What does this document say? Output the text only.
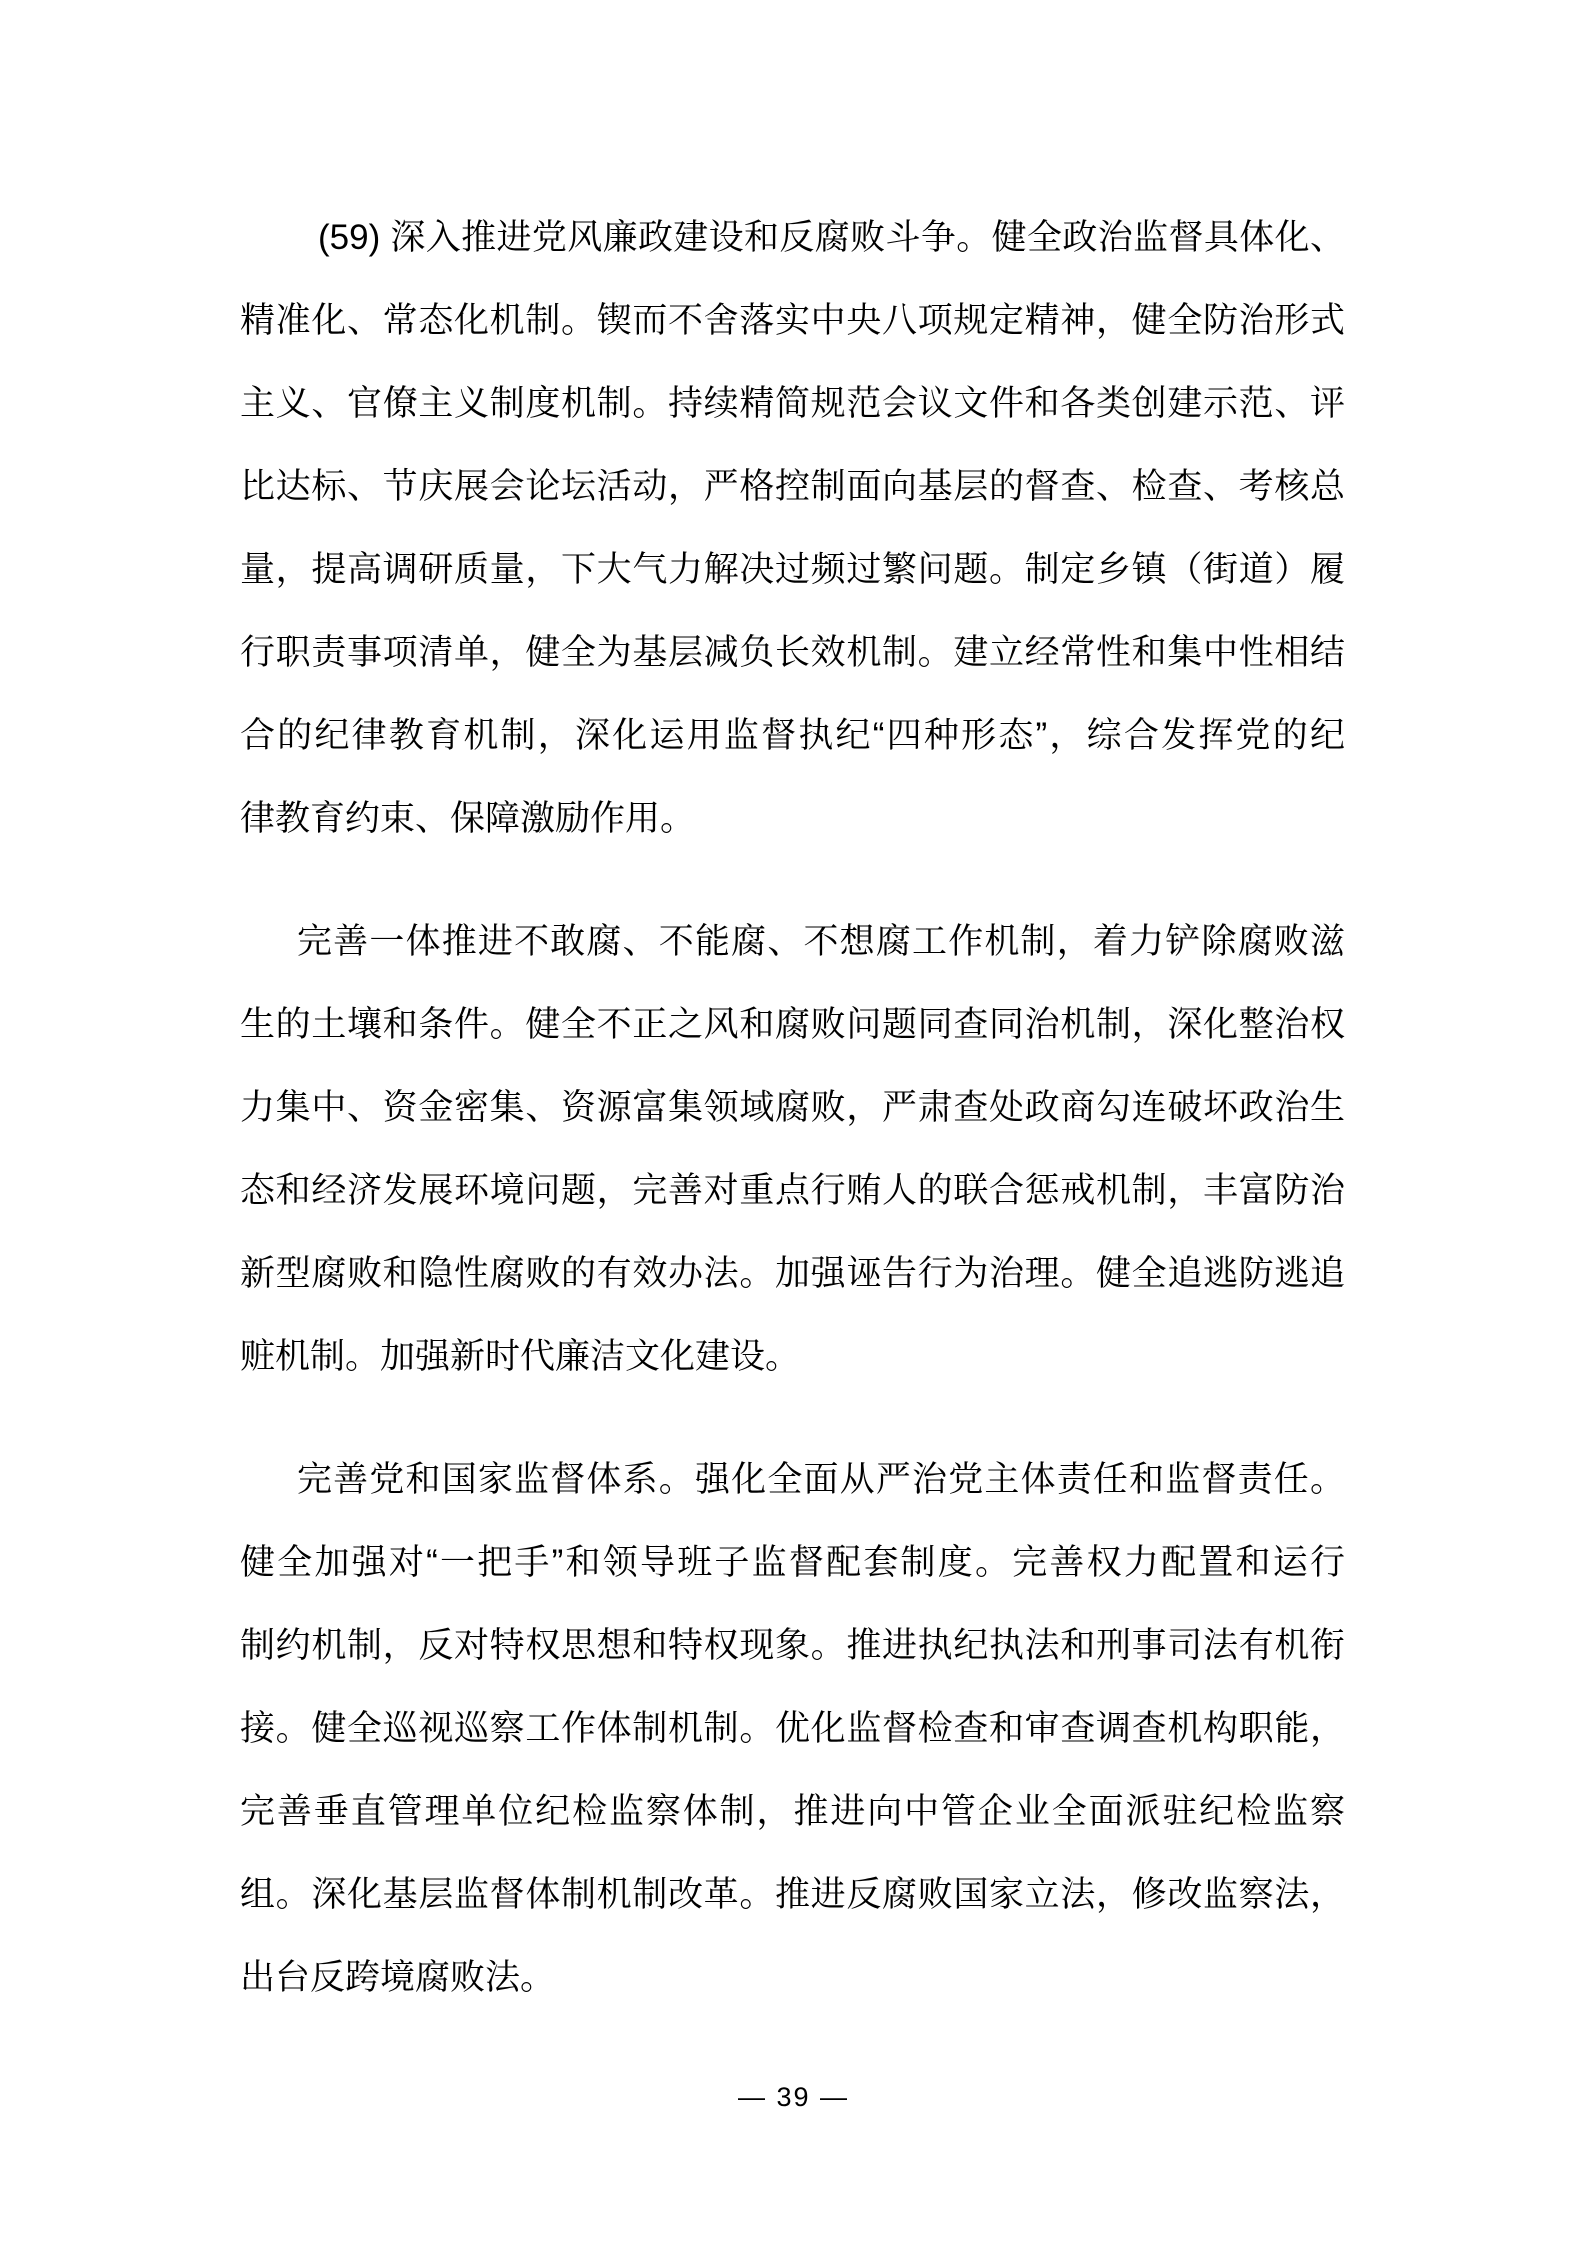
(59) 深入推进党风廉政建设和反腐败斗争。健全政治监督具体化、
精准化、常态化机制。锲而不舍落实中央八项规定精神，健全防治形式
主义、官僚主义制度机制。持续精简规范会议文件和各类创建示范、评
比达标、节庆展会论坛活动，严格控制面向基层的督查、检查、考核总
量，提高调研质量，下大气力解决过频过繁问题。制定乡镇（街道）履
行职责事项清单，健全为基层减负长效机制。建立经常性和集中性相结
合的纪律教育机制，深化运用监督执纪“四种形态”，综合发挥党的纪
律教育约束、保障激励作用。
完善一体推进不敢腐、不能腐、不想腐工作机制，着力铲除腐败滋
生的土壤和条件。健全不正之风和腐败问题同查同治机制，深化整治权
力集中、资金密集、资源富集领域腐败，严肃查处政商勾连破坏政治生
态和经济发展环境问题，完善对重点行贿人的联合惩戒机制，丰富防治
新型腐败和隐性腐败的有效办法。加强诬告行为治理。健全追逃防逃追
赃机制。加强新时代廉洁文化建设。
完善党和国家监督体系。强化全面从严治党主体责任和监督责任。
健全加强对“一把手”和领导班子监督配套制度。完善权力配置和运行
制约机制，反对特权思想和特权现象。推进执纪执法和刑事司法有机衔
接。健全巡视巡察工作体制机制。优化监督检查和审查调查机构职能，
完善垂直管理单位纪检监察体制，推进向中管企业全面派驻纪检监察
组。深化基层监督体制机制改革。推进反腐败国家立法，修改监察法，
出台反跨境腐败法。
— 39 —
